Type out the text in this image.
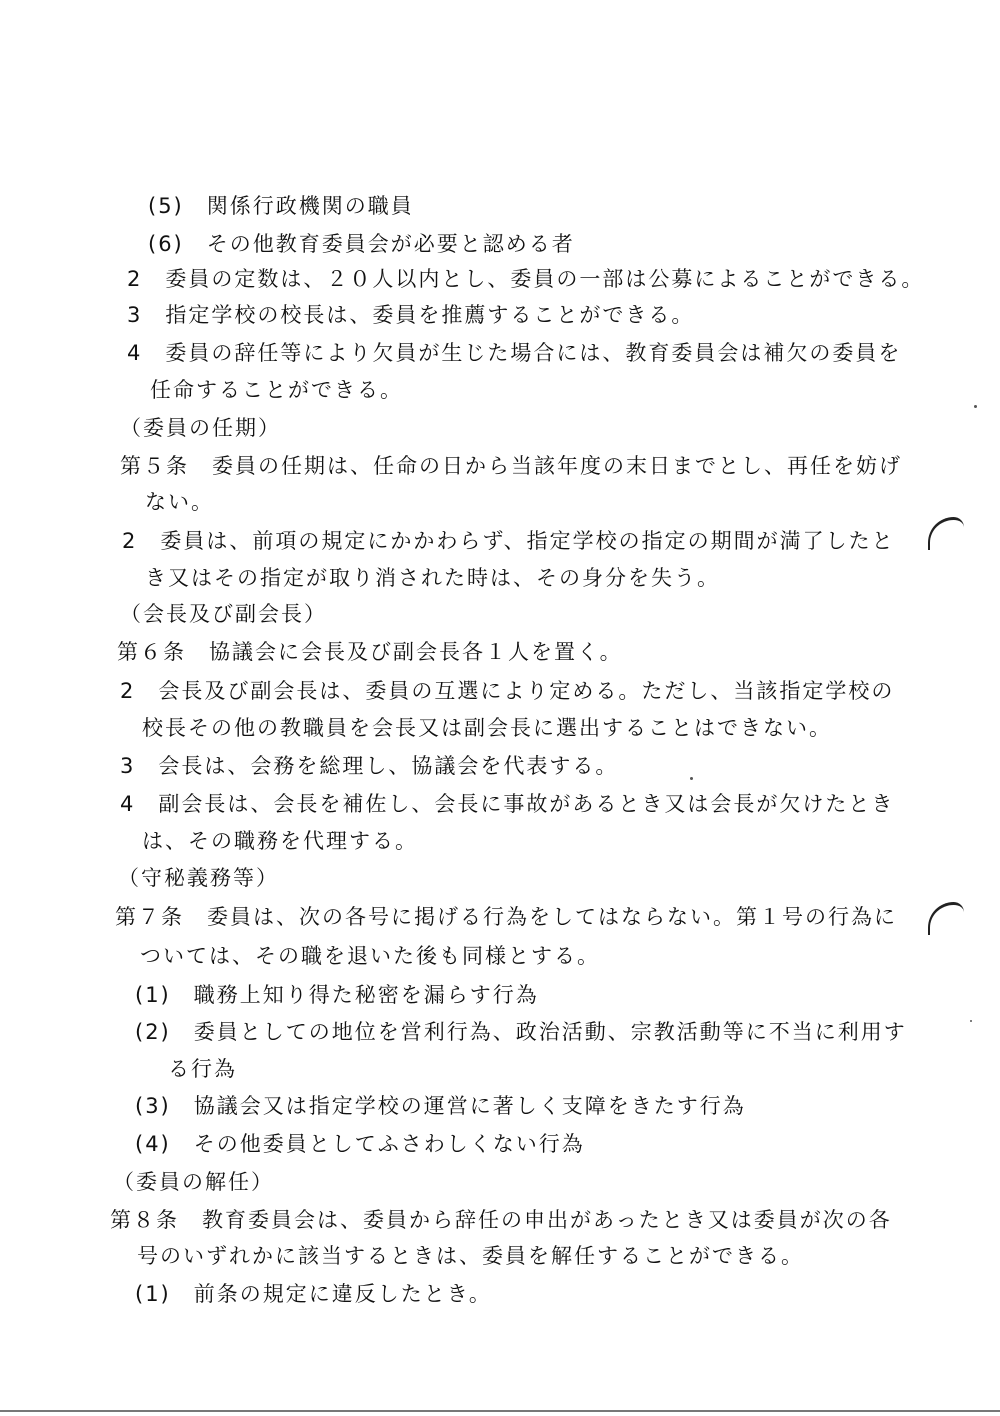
(5)　関係行政機関の職員
(6)　その他教育委員会が必要と認める者
2　委員の定数は、２０人以内とし、委員の一部は公募によることができる。
3　指定学校の校長は、委員を推薦することができる。
4　委員の辞任等により欠員が生じた場合には、教育委員会は補欠の委員を
任命することができる。
（委員の任期）
第５条　委員の任期は、任命の日から当該年度の末日までとし、再任を妨げ
ない。
2　委員は、前項の規定にかかわらず、指定学校の指定の期間が満了したと
き又はその指定が取り消された時は、その身分を失う。
（会長及び副会長）
第６条　協議会に会長及び副会長各１人を置く。
2　会長及び副会長は、委員の互選により定める。ただし、当該指定学校の
校長その他の教職員を会長又は副会長に選出することはできない。
3　会長は、会務を総理し、協議会を代表する。
4　副会長は、会長を補佐し、会長に事故があるとき又は会長が欠けたとき
は、その職務を代理する。
（守秘義務等）
第７条　委員は、次の各号に掲げる行為をしてはならない。第１号の行為に
ついては、その職を退いた後も同様とする。
(1)　職務上知り得た秘密を漏らす行為
(2)　委員としての地位を営利行為、政治活動、宗教活動等に不当に利用す
る行為
(3)　協議会又は指定学校の運営に著しく支障をきたす行為
(4)　その他委員としてふさわしくない行為
（委員の解任）
第８条　教育委員会は、委員から辞任の申出があったとき又は委員が次の各
号のいずれかに該当するときは、委員を解任することができる。
(1)　前条の規定に違反したとき。
